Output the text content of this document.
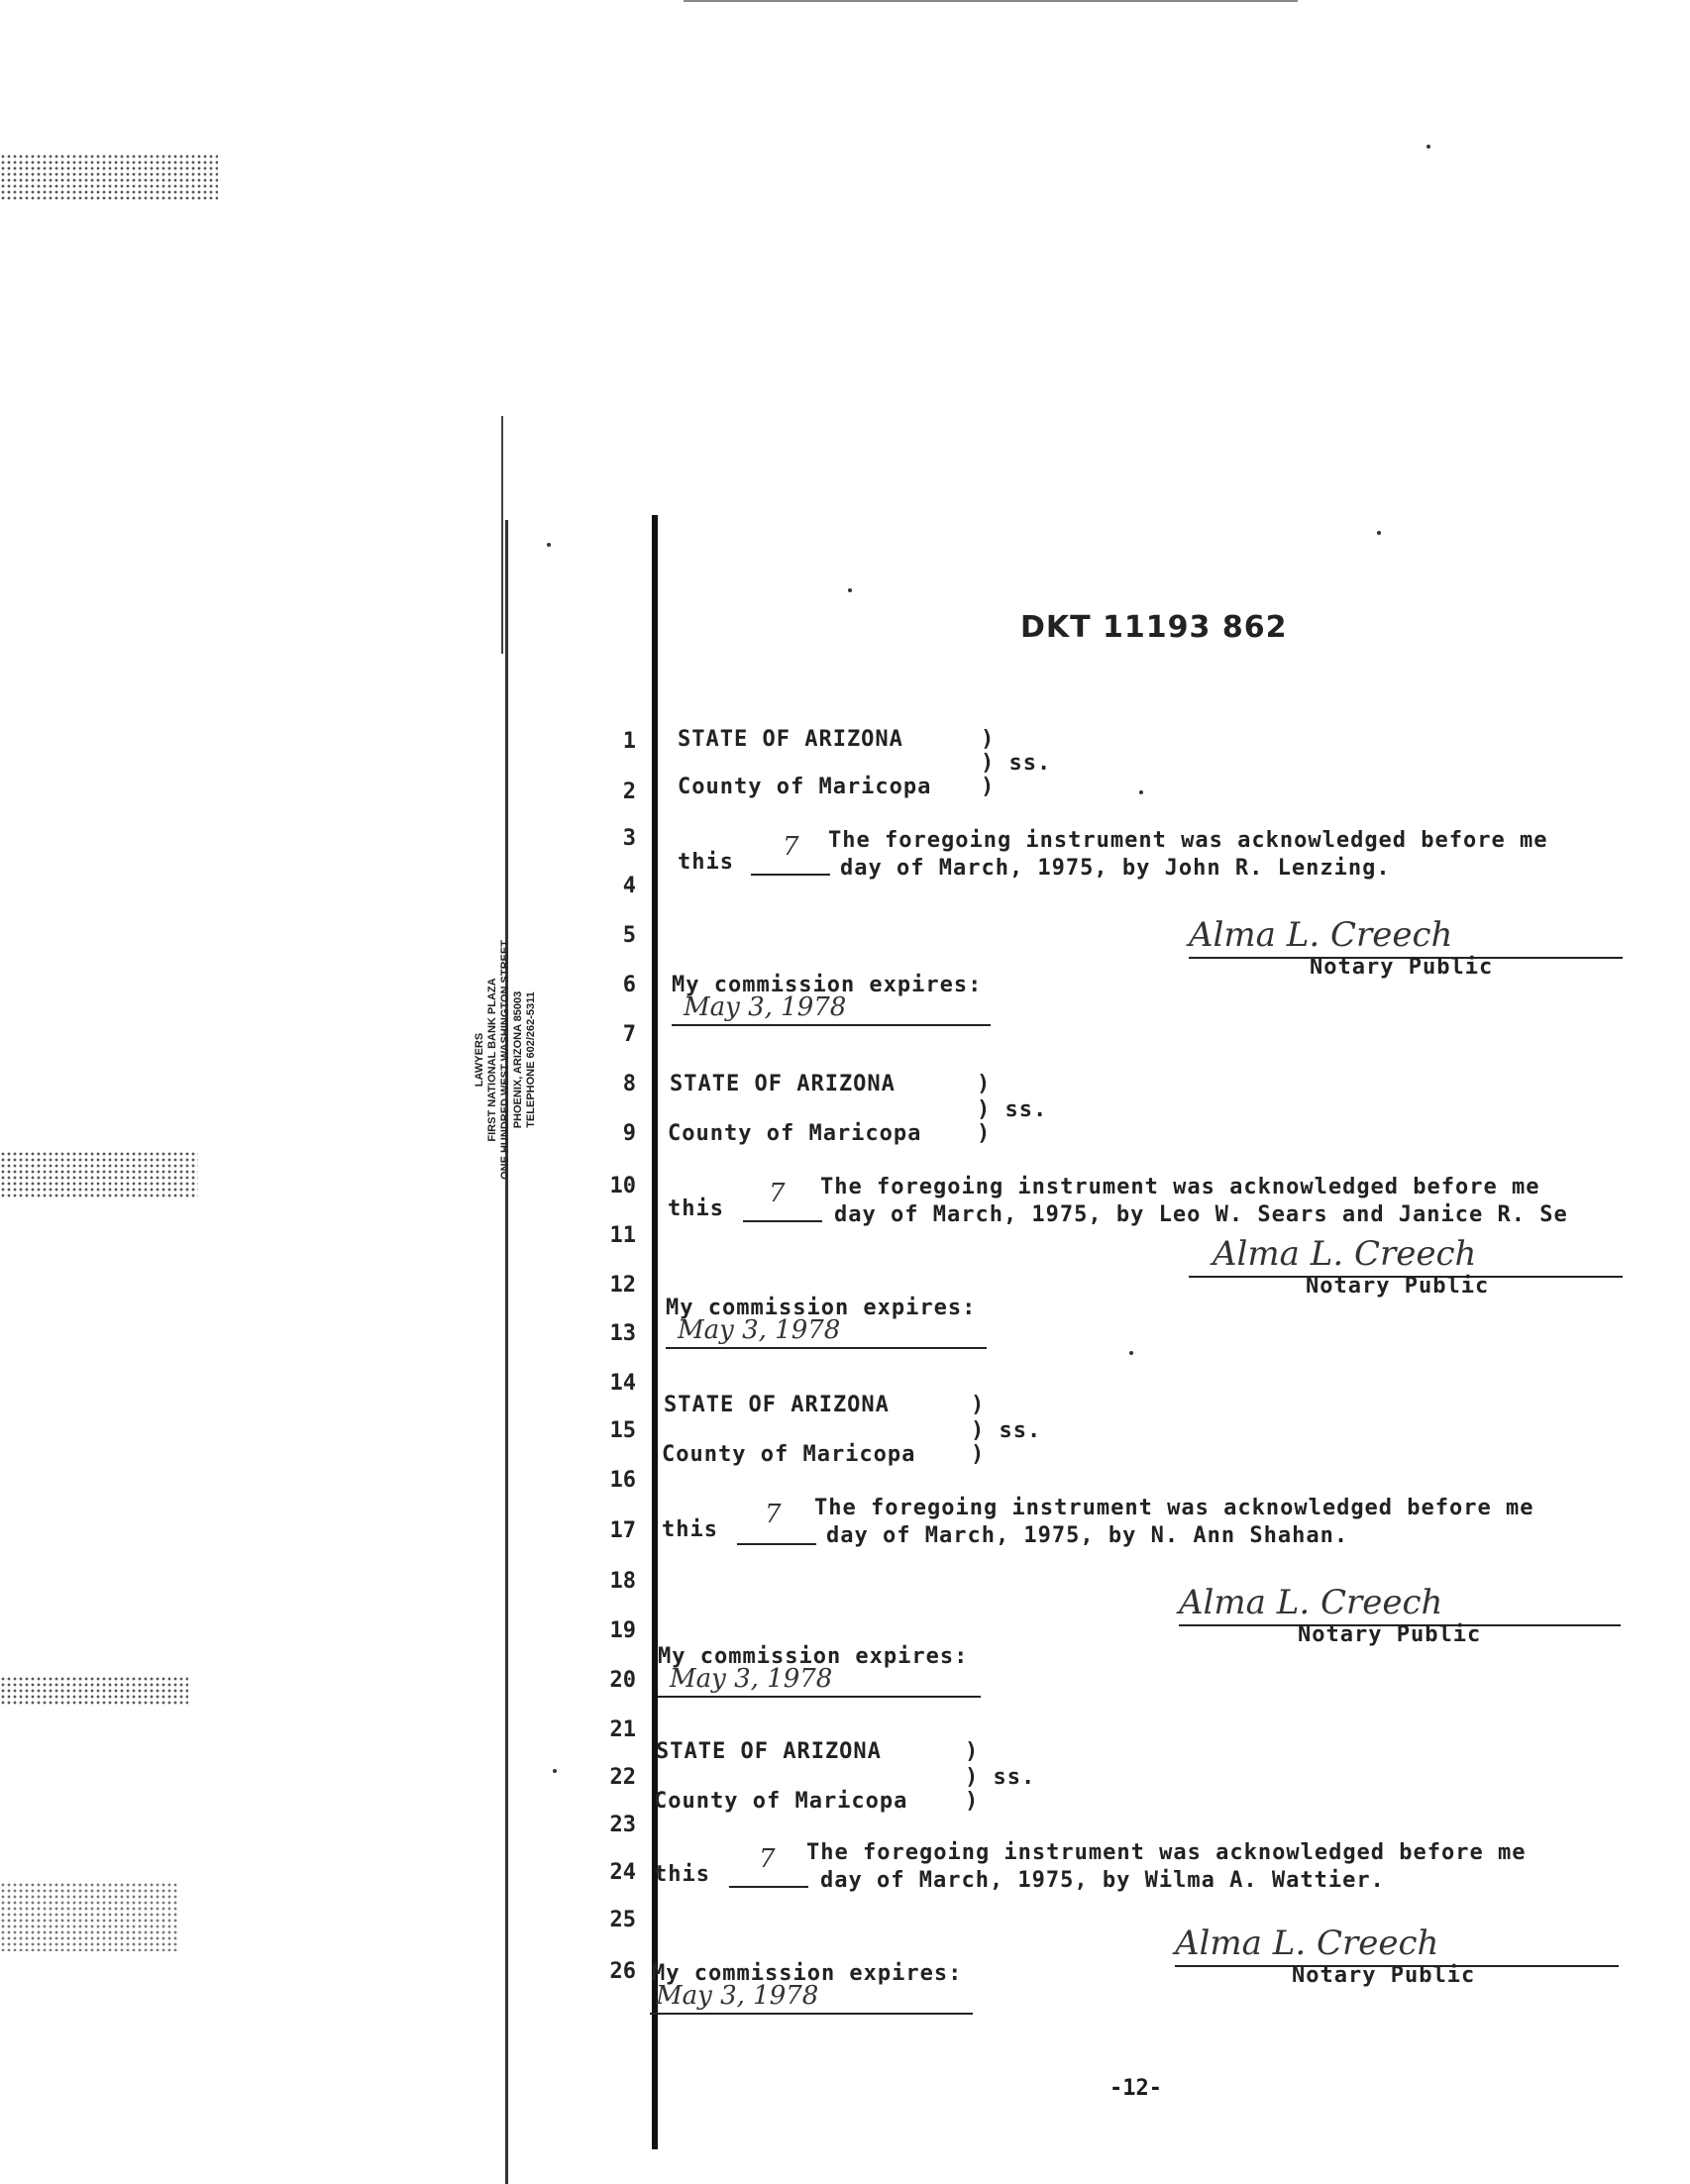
LAWYERS FIRST NATIONAL BANK PLAZA ONE HUNDRED WEST WASHINGTON STREET PHOENIX, ARIZONA 85003 TELEPHONE 602/262-5311
DKT 11193 862
1
2
3
4
5
6
7
8
9
10
11
12
13
14
15
16
17
18
19
20
21
22
23
24
25
26
STATE OF ARIZONA	)
) ss.
County of Maricopa )
The foregoing instrument was acknowledged before me
this
7
day of March, 1975, by John R. Lenzing.
Alma L. Creech
Notary Public
My commission expires:
May 3, 1978
STATE OF ARIZONA	)
) ss.
County of Maricopa	)
The foregoing instrument was acknowledged before me
this
7
day of March, 1975, by Leo W. Sears and Janice R. Se
Alma L. Creech
Notary Public
My commission expires:
May 3, 1978
STATE OF ARIZONA	)
) ss.
County of Maricopa	)
The foregoing instrument was acknowledged before me
this
7
day of March, 1975, by N. Ann Shahan.
Alma L. Creech
Notary Public
My commission expires:
May 3, 1978
STATE OF ARIZONA	)
) ss.
County of Maricopa	)
The foregoing instrument was acknowledged before me
this
7
day of March, 1975, by Wilma A. Wattier.
Alma L. Creech
Notary Public
My commission expires:
May 3, 1978
-12-
